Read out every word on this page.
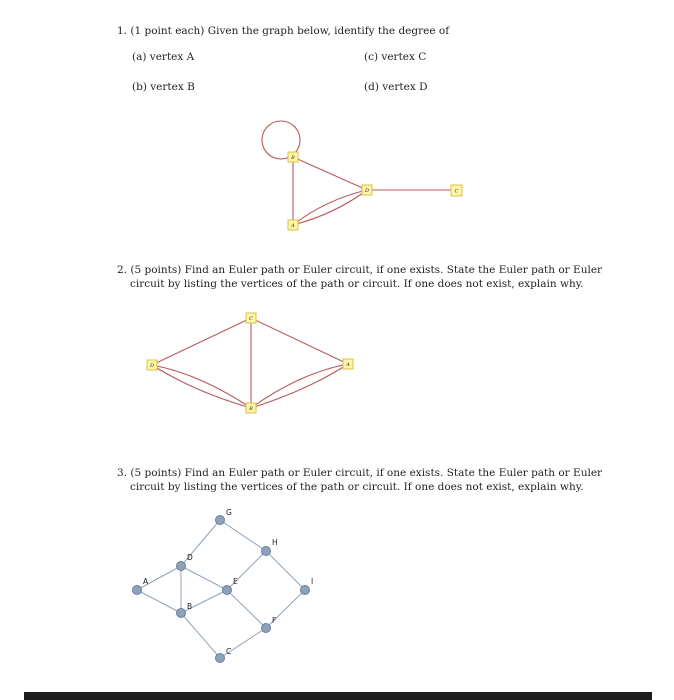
1. (1 point each) Given the graph below, identify the degree of
(a) vertex A	(c) vertex C
(b) vertex B	(d) vertex D
2. (5 points) Find an Euler path or Euler circuit, if one exists. State the Euler path or Euler
circuit by listing the vertices of the path or circuit. If one does not exist, explain why.
3. (5 points) Find an Euler path or Euler circuit, if one exists. State the Euler path or Euler
circuit by listing the vertices of the path or circuit. If one does not exist, explain why.
B
D	C
A
C
D	A
B
G
H
D
E	I
A
B
F
C
